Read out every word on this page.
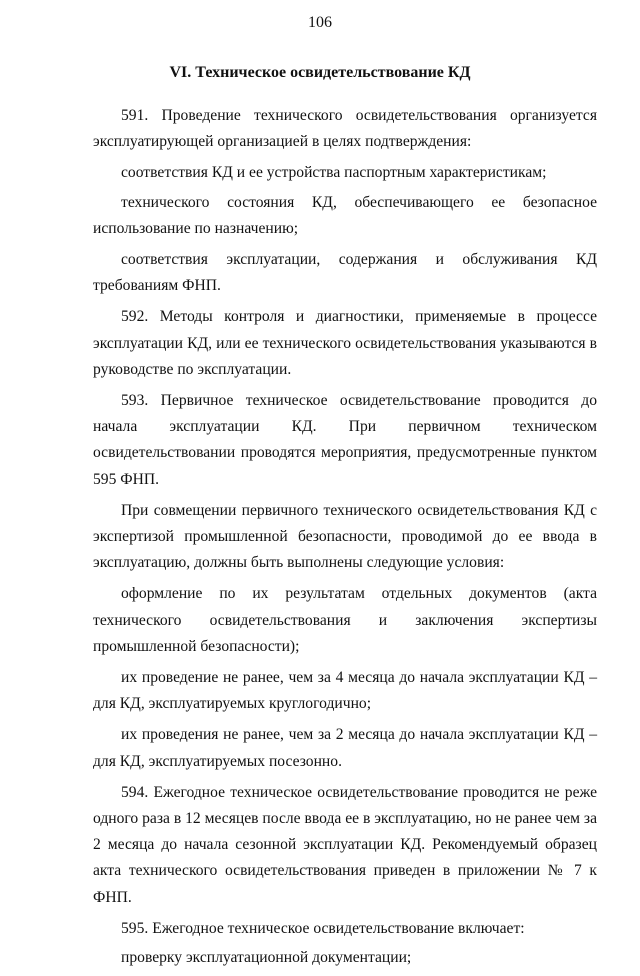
106
VI. Техническое освидетельствование КД

591. Проведение технического освидетельствования организуется эксплуатирующей организацией в целях подтверждения:

соответствия КД и ее устройства паспортным характеристикам;

технического состояния КД, обеспечивающего ее безопасное использование по назначению;

соответствия эксплуатации, содержания и обслуживания КД требованиям ФНП.

592. Методы контроля и диагностики, применяемые в процессе эксплуатации КД, или ее технического освидетельствования указываются в руководстве по эксплуатации.

593. Первичное техническое освидетельствование проводится до начала эксплуатации КД. При первичном техническом освидетельствовании проводятся мероприятия, предусмотренные пунктом 595 ФНП.

При совмещении первичного технического освидетельствования КД с экспертизой промышленной безопасности, проводимой до ее ввода в эксплуатацию, должны быть выполнены следующие условия:

оформление по их результатам отдельных документов (акта технического освидетельствования и заключения экспертизы промышленной безопасности);

их проведение не ранее, чем за 4 месяца до начала эксплуатации КД – для КД, эксплуатируемых круглогодично;

их проведения не ранее, чем за 2 месяца до начала эксплуатации КД – для КД, эксплуатируемых посезонно.

594. Ежегодное техническое освидетельствование проводится не реже одного раза в 12 месяцев после ввода ее в эксплуатацию, но не ранее чем за 2 месяца до начала сезонной эксплуатации КД. Рекомендуемый образец акта технического освидетельствования приведен в приложении № 7 к ФНП.

595. Ежегодное техническое освидетельствование включает:

проверку эксплуатационной документации;
